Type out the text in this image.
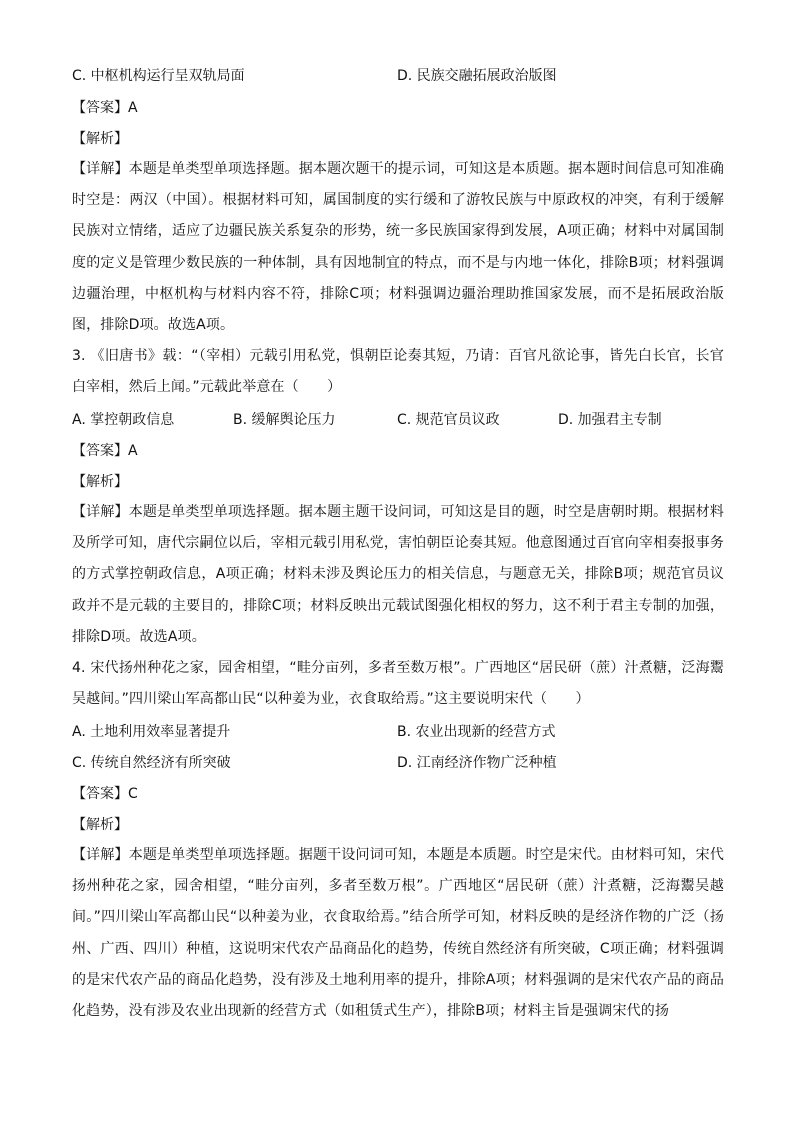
C. 中枢机构运行呈双轨局面	D. 民族交融拓展政治版图
【答案】A
【解析】
【详解】本题是单类型单项选择题。据本题次题干的提示词，可知这是本质题。据本题时间信息可知准确时空是：两汉（中国）。根据材料可知，属国制度的实行缓和了游牧民族与中原政权的冲突，有利于缓解民族对立情绪，适应了边疆民族关系复杂的形势，统一多民族国家得到发展，A项正确；材料中对属国制度的定义是管理少数民族的一种体制，具有因地制宜的特点，而不是与内地一体化，排除B项；材料强调边疆治理，中枢机构与材料内容不符，排除C项；材料强调边疆治理助推国家发展，而不是拓展政治版图，排除D项。故选A项。
3. 《旧唐书》载：“（宰相）元载引用私党，惧朝臣论奏其短，乃请：百官凡欲论事，皆先白长官，长官白宰相，然后上闻。”元载此举意在（　　）
A. 掌控朝政信息	B. 缓解舆论压力	C. 规范官员议政	D. 加强君主专制
【答案】A
【解析】
【详解】本题是单类型单项选择题。据本题主题干设问词，可知这是目的题，时空是唐朝时期。根据材料及所学可知，唐代宗嗣位以后，宰相元载引用私党，害怕朝臣论奏其短。他意图通过百官向宰相奏报事务的方式掌控朝政信息，A项正确；材料未涉及舆论压力的相关信息，与题意无关，排除B项；规范官员议政并不是元载的主要目的，排除C项；材料反映出元载试图强化相权的努力，这不利于君主专制的加强，排除D项。故选A项。
4. 宋代扬州种花之家，园舍相望，“畦分亩列，多者至数万根”。广西地区“居民研（蔗）汁煮糖，泛海鬻吴越间。”四川梁山军高都山民“以种姜为业，衣食取给焉。”这主要说明宋代（　　）
A. 土地利用效率显著提升	B. 农业出现新的经营方式
C. 传统自然经济有所突破	D. 江南经济作物广泛种植
【答案】C
【解析】
【详解】本题是单类型单项选择题。据题干设问词可知，本题是本质题。时空是宋代。由材料可知，宋代扬州种花之家，园舍相望，“畦分亩列，多者至数万根”。广西地区“居民研（蔗）汁煮糖，泛海鬻吴越间。”四川梁山军高都山民“以种姜为业，衣食取给焉。”结合所学可知，材料反映的是经济作物的广泛（扬州、广西、四川）种植，这说明宋代农产品商品化的趋势，传统自然经济有所突破，C项正确；材料强调的是宋代农产品的商品化趋势，没有涉及土地利用率的提升，排除A项；材料强调的是宋代农产品的商品化趋势，没有涉及农业出现新的经营方式（如租赁式生产），排除B项；材料主旨是强调宋代的扬
